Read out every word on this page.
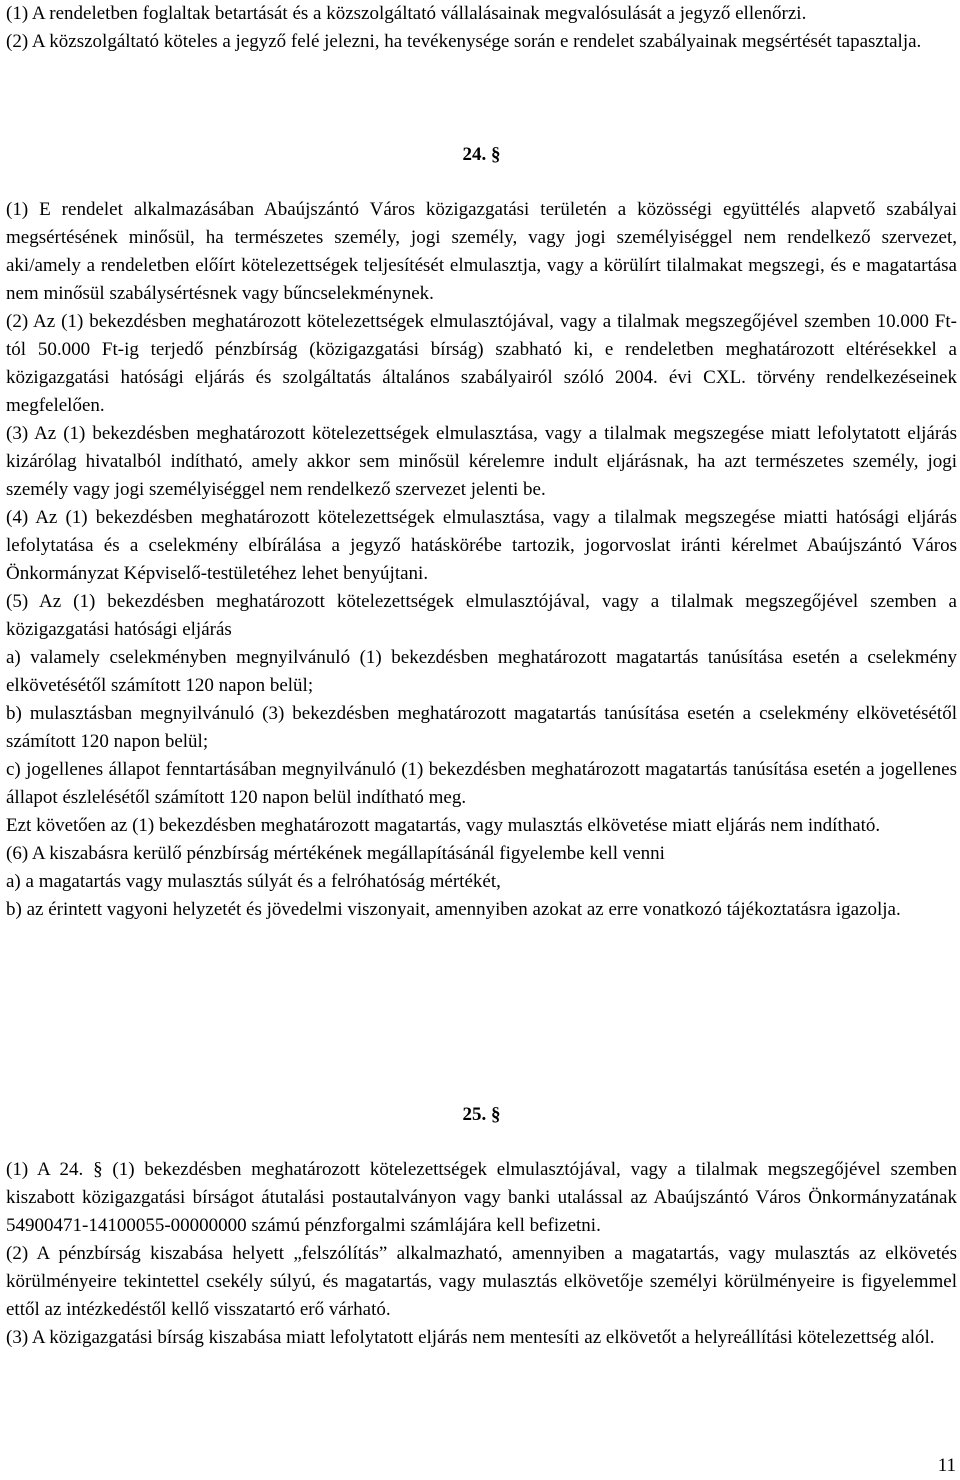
(1) A rendeletben foglaltak betartását és a közszolgáltató vállalásainak megvalósulását a jegyző ellenőrzi.

(2) A közszolgáltató köteles a jegyző felé jelezni, ha tevékenysége során e rendelet szabályainak megsértését tapasztalja.

24. §

(1) E rendelet alkalmazásában Abaújszántó Város közigazgatási területén a közösségi együttélés alapvető szabályai megsértésének minősül, ha természetes személy, jogi személy, vagy jogi személyiséggel nem rendelkező szervezet, aki/amely a rendeletben előírt kötelezettségek teljesítését elmulasztja, vagy a körülírt tilalmakat megszegi, és e magatartása nem minősül szabálysértésnek vagy bűncselekménynek.

(2) Az (1) bekezdésben meghatározott kötelezettségek elmulasztójával, vagy a tilalmak megszegőjével szemben 10.000 Ft-tól 50.000 Ft-ig terjedő pénzbírság (közigazgatási bírság) szabható ki, e rendeletben meghatározott eltérésekkel a közigazgatási hatósági eljárás és szolgáltatás általános szabályairól szóló 2004. évi CXL. törvény rendelkezéseinek megfelelően.

(3) Az (1) bekezdésben meghatározott kötelezettségek elmulasztása, vagy a tilalmak megszegése miatt lefolytatott eljárás kizárólag hivatalból indítható, amely akkor sem minősül kérelemre indult eljárásnak, ha azt természetes személy, jogi személy vagy jogi személyiséggel nem rendelkező szervezet jelenti be.

(4) Az (1) bekezdésben meghatározott kötelezettségek elmulasztása, vagy a tilalmak megszegése miatti hatósági eljárás lefolytatása és a cselekmény elbírálása a jegyző hatáskörébe tartozik, jogorvoslat iránti kérelmet Abaújszántó Város Önkormányzat Képviselő-testületéhez lehet benyújtani.

(5) Az (1) bekezdésben meghatározott kötelezettségek elmulasztójával, vagy a tilalmak megszegőjével szemben a közigazgatási hatósági eljárás

a) valamely cselekményben megnyilvánuló (1) bekezdésben meghatározott magatartás tanúsítása esetén a cselekmény elkövetésétől számított 120 napon belül;

b) mulasztásban megnyilvánuló (3) bekezdésben meghatározott magatartás tanúsítása esetén a cselekmény elkövetésétől számított 120 napon belül;

c) jogellenes állapot fenntartásában megnyilvánuló (1) bekezdésben meghatározott magatartás tanúsítása esetén a jogellenes állapot észlelésétől számított 120 napon belül indítható meg.

Ezt követően az (1) bekezdésben meghatározott magatartás, vagy mulasztás elkövetése miatt eljárás nem indítható.

(6) A kiszabásra kerülő pénzbírság mértékének megállapításánál figyelembe kell venni

a) a magatartás vagy mulasztás súlyát és a felróhatóság mértékét,

b) az érintett vagyoni helyzetét és jövedelmi viszonyait, amennyiben azokat az erre vonatkozó tájékoztatásra igazolja.

25. §

(1) A 24. § (1) bekezdésben meghatározott kötelezettségek elmulasztójával, vagy a tilalmak megszegőjével szemben kiszabott közigazgatási bírságot átutalási postautalványon vagy banki utalással az Abaújszántó Város Önkormányzatának 54900471-14100055-00000000 számú pénzforgalmi számlájára kell befizetni.

(2) A pénzbírság kiszabása helyett „felszólítás” alkalmazható, amennyiben a magatartás, vagy mulasztás az elkövetés körülményeire tekintettel csekély súlyú, és magatartás, vagy mulasztás elkövetője személyi körülményeire is figyelemmel ettől az intézkedéstől kellő visszatartó erő várható.

(3) A közigazgatási bírság kiszabása miatt lefolytatott eljárás nem mentesíti az elkövetőt a helyreállítási kötelezettség alól.

11
